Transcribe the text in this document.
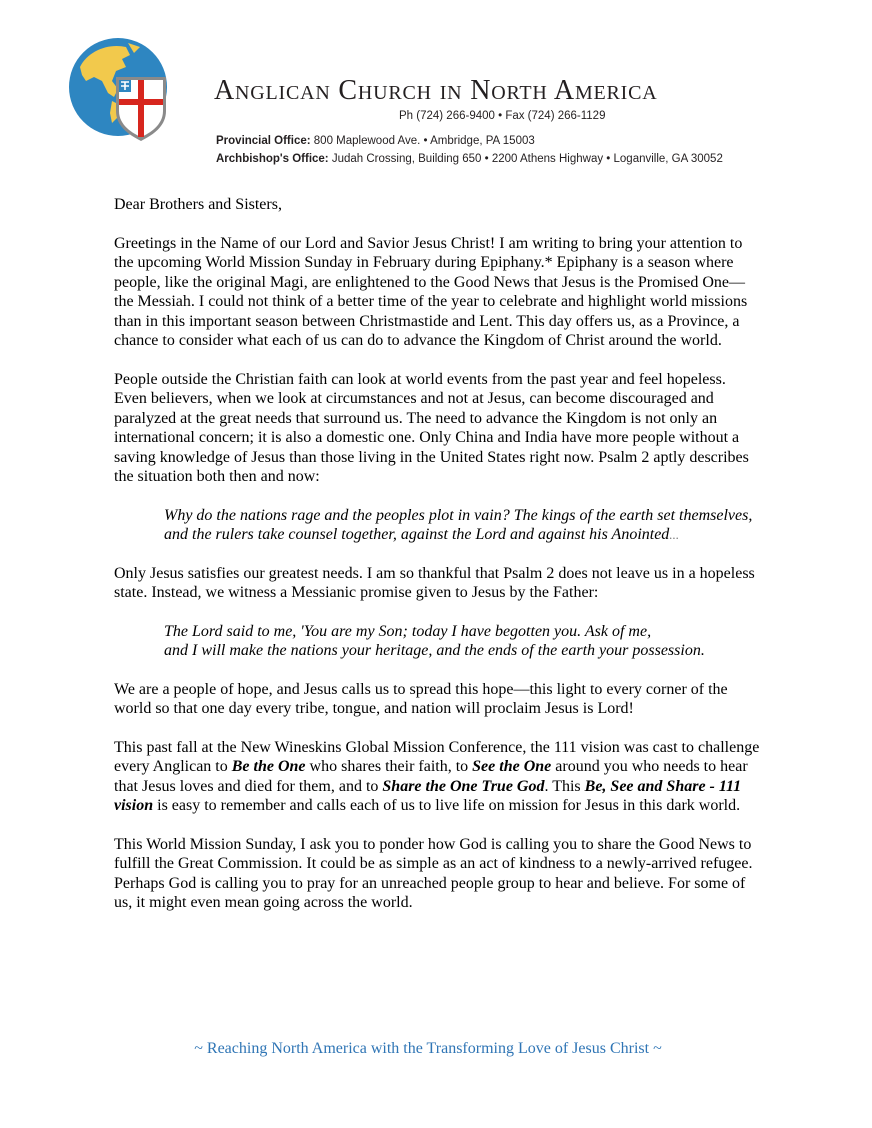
Anglican Church in North America
Ph (724) 266-9400 • Fax (724) 266-1129
Provincial Office: 800 Maplewood Ave. • Ambridge, PA 15003
Archbishop's Office: Judah Crossing, Building 650 • 2200 Athens Highway • Loganville, GA 30052

Dear Brothers and Sisters,

Greetings in the Name of our Lord and Savior Jesus Christ! I am writing to bring your attention to the upcoming World Mission Sunday in February during Epiphany.* Epiphany is a season where people, like the original Magi, are enlightened to the Good News that Jesus is the Promised One—the Messiah. I could not think of a better time of the year to celebrate and highlight world missions than in this important season between Christmastide and Lent. This day offers us, as a Province, a chance to consider what each of us can do to advance the Kingdom of Christ around the world.

People outside the Christian faith can look at world events from the past year and feel hopeless. Even believers, when we look at circumstances and not at Jesus, can become discouraged and paralyzed at the great needs that surround us. The need to advance the Kingdom is not only an international concern; it is also a domestic one. Only China and India have more people without a saving knowledge of Jesus than those living in the United States right now. Psalm 2 aptly describes the situation both then and now:

Why do the nations rage and the peoples plot in vain? The kings of the earth set themselves, and the rulers take counsel together, against the Lord and against his Anointed...

Only Jesus satisfies our greatest needs. I am so thankful that Psalm 2 does not leave us in a hopeless state. Instead, we witness a Messianic promise given to Jesus by the Father:

The Lord said to me, 'You are my Son; today I have begotten you. Ask of me,
and I will make the nations your heritage, and the ends of the earth your possession.

We are a people of hope, and Jesus calls us to spread this hope—this light to every corner of the world so that one day every tribe, tongue, and nation will proclaim Jesus is Lord!

This past fall at the New Wineskins Global Mission Conference, the 111 vision was cast to challenge every Anglican to Be the One who shares their faith, to See the One around you who needs to hear that Jesus loves and died for them, and to Share the One True God. This Be, See and Share - 111 vision is easy to remember and calls each of us to live life on mission for Jesus in this dark world.

This World Mission Sunday, I ask you to ponder how God is calling you to share the Good News to fulfill the Great Commission. It could be as simple as an act of kindness to a newly-arrived refugee. Perhaps God is calling you to pray for an unreached people group to hear and believe. For some of us, it might even mean going across the world.

~ Reaching North America with the Transforming Love of Jesus Christ ~
